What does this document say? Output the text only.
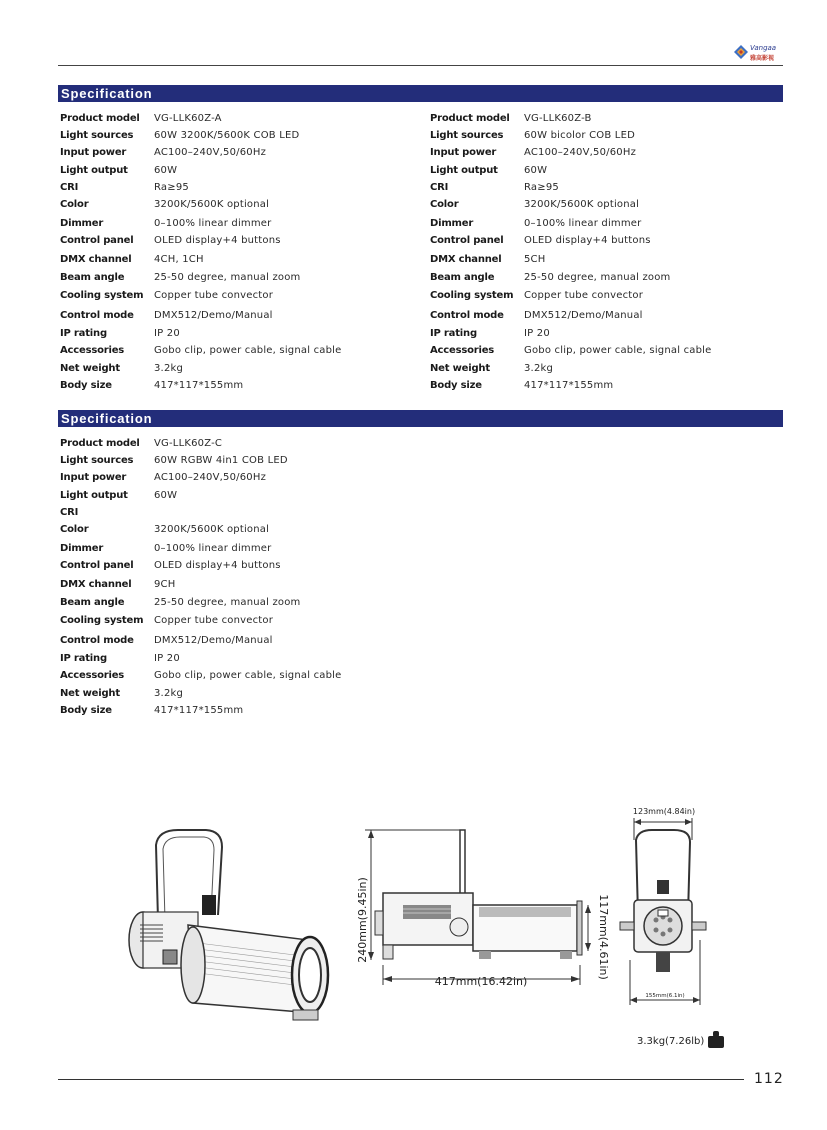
Vangaa
雅高影视
Specification
Product model VG-LLK60Z-A
Light sources 60W 3200K/5600K COB LED
Input power	AC100–240V,50/60Hz
Light output	60W
CRI	Ra≥95
Color	3200K/5600K optional
Dimmer	0–100% linear dimmer
Control panel OLED display+4 buttons
DMX channel 4CH, 1CH
Beam angle	25-50 degree, manual zoom
Cooling system Copper tube convector
Control mode DMX512/Demo/Manual
IP rating	IP 20
Accessories	Gobo clip, power cable, signal cable
Net weight	3.2kg
Body size	417*117*155mm
Product model VG-LLK60Z-B
Light sources 60W bicolor COB LED
Input power	AC100–240V,50/60Hz
Light output	60W
CRI	Ra≥95
Color	3200K/5600K optional
Dimmer	0–100% linear dimmer
Control panel OLED display+4 buttons
DMX channel 5CH
Beam angle	25-50 degree, manual zoom
Cooling system Copper tube convector
Control mode DMX512/Demo/Manual
IP rating	IP 20
Accessories	Gobo clip, power cable, signal cable
Net weight	3.2kg
Body size	417*117*155mm
Specification
Product model VG-LLK60Z-C
Light sources 60W RGBW 4in1 COB LED
Input power	AC100–240V,50/60Hz
Light output	60W
CRI
Color	3200K/5600K optional
Dimmer	0–100% linear dimmer
Control panel OLED display+4 buttons
DMX channel 9CH
Beam angle	25-50 degree, manual zoom
Cooling system Copper tube convector
Control mode DMX512/Demo/Manual
IP rating	IP 20
Accessories	Gobo clip, power cable, signal cable
Net weight	3.2kg
Body size	417*117*155mm
240mm(9.45in)
417mm(16.42in)
117mm(4.61in)
123mm(4.84in)
155mm(6.1in)
3.3kg(7.26lb)
112
